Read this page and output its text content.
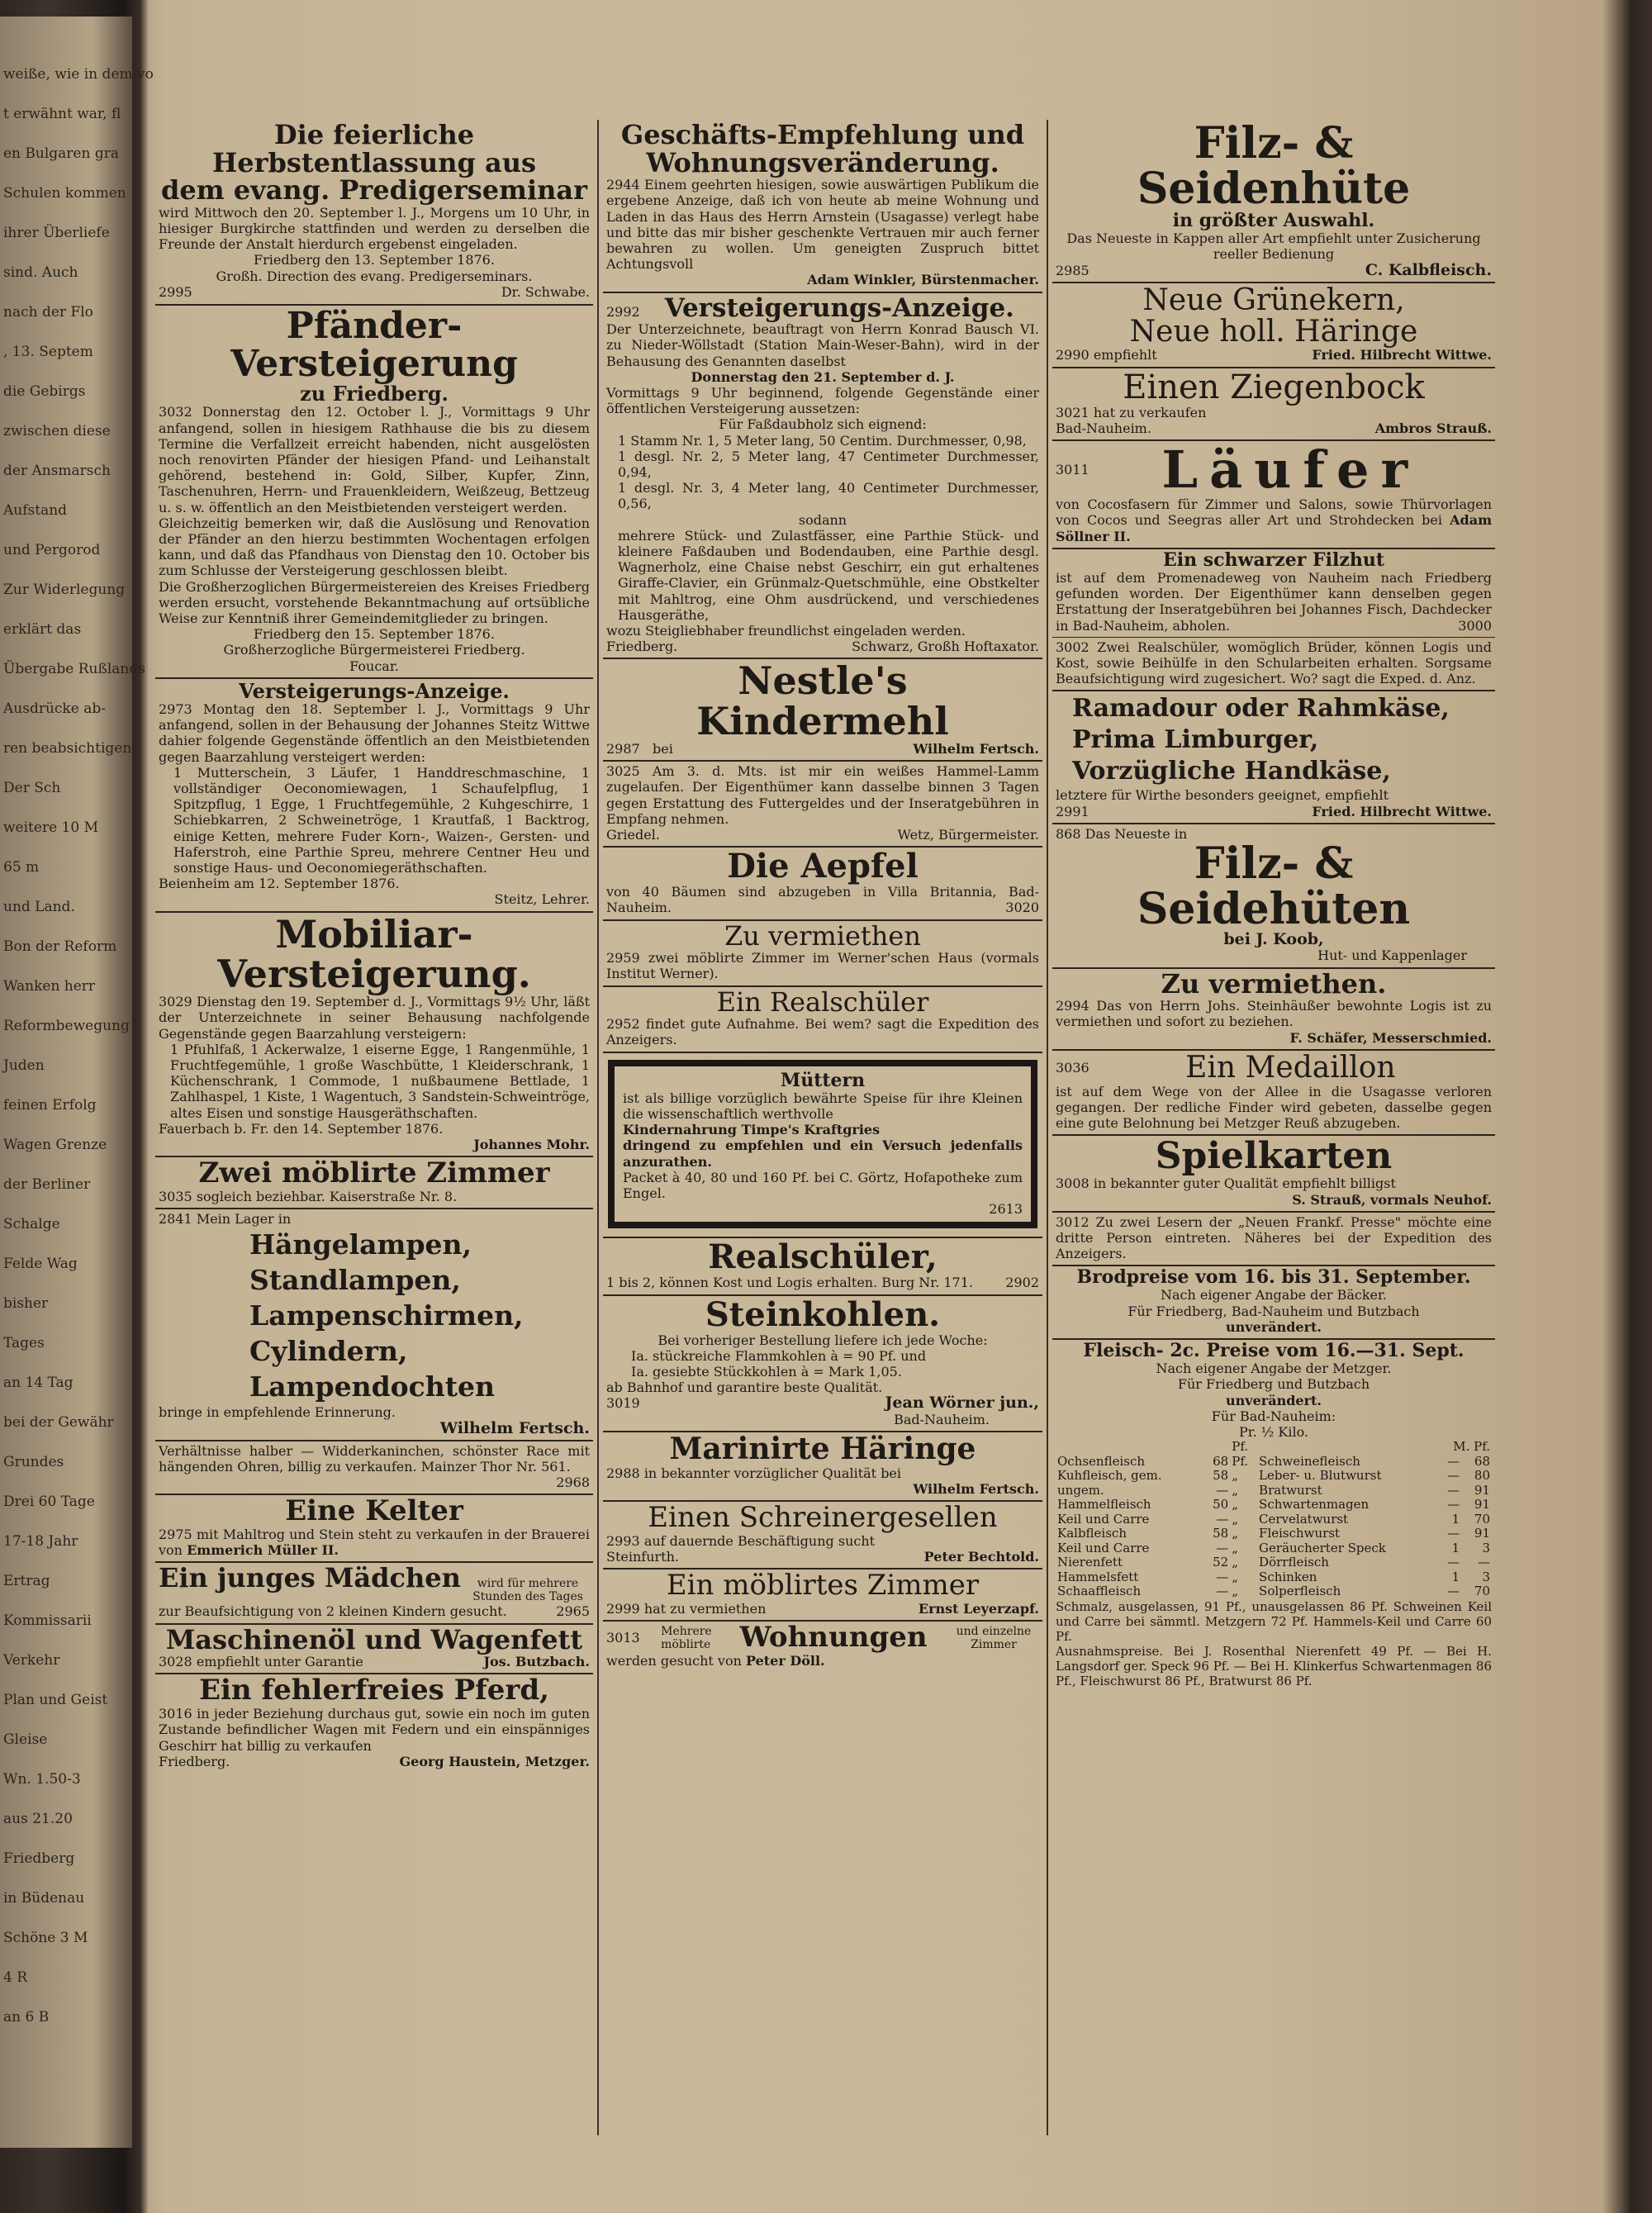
weiße, wie in dem vo
t erwähnt war, fl
en Bulgaren gra
Schulen kommen
ihrer Überliefe
sind. Auch
nach der Flo
, 13. Septem
die Gebirgs
zwischen diese
der Ansmarsch
Aufstand
und Pergorod
Zur Widerlegung
erklärt das
Übergabe Rußlands
Ausdrücke ab-
ren beabsichtigen
Der Sch
weitere 10 M
65 m
und Land.
Bon der Reform
Wanken herr
Reformbewegung
Juden
feinen Erfolg
Wagen Grenze
der Berliner
Schalge
Felde Wag
bisher
Tages
an 14 Tag
bei der Gewähr
Grundes
Drei 60 Tage
17-18 Jahr
Ertrag
Kommissarii
Verkehr
Plan und Geist
Gleise
Wn. 1.50-3
aus 21.20
Friedberg
in Büdenau
Schöne 3 M
4 R
an 6 B
Die feierliche Herbstentlassung aus
dem evang. Predigerseminar
wird Mittwoch den 20. September l. J., Morgens um 10 Uhr, in hiesiger Burgkirche stattfinden und werden zu derselben die Freunde der Anstalt hierdurch ergebenst eingeladen.
Friedberg den 13. September 1876.
Großh. Direction des evang. Predigerseminars.
2995	Dr. Schwabe.
Pfänder-Versteigerung
zu Friedberg.
3032 Donnerstag den 12. October l. J., Vormittags 9 Uhr anfangend, sollen in hiesigem Rathhause die bis zu diesem Termine die Verfallzeit erreicht habenden, nicht ausgelösten noch renovirten Pfänder der hiesigen Pfand- und Leihanstalt gehörend, bestehend in: Gold, Silber, Kupfer, Zinn, Taschenuhren, Herrn- und Frauenkleidern, Weißzeug, Bettzeug u. s. w. öffentlich an den Meistbietenden versteigert werden.
Gleichzeitig bemerken wir, daß die Auslösung und Renovation der Pfänder an den hierzu bestimmten Wochentagen erfolgen kann, und daß das Pfandhaus von Dienstag den 10. October bis zum Schlusse der Versteigerung geschlossen bleibt.
Die Großherzoglichen Bürgermeistereien des Kreises Friedberg werden ersucht, vorstehende Bekanntmachung auf ortsübliche Weise zur Kenntniß ihrer Gemeindemitglieder zu bringen.
Friedberg den 15. September 1876.
Großherzogliche Bürgermeisterei Friedberg.
Foucar.
Versteigerungs-Anzeige.
2973 Montag den 18. September l. J., Vormittags 9 Uhr anfangend, sollen in der Behausung der Johannes Steitz Wittwe dahier folgende Gegenstände öffentlich an den Meistbietenden gegen Baarzahlung versteigert werden:
1 Mutterschein, 3 Läufer, 1 Handdreschmaschine, 1 vollständiger Oeconomiewagen, 1 Schaufelpflug, 1 Spitzpflug, 1 Egge, 1 Fruchtfegemühle, 2 Kuhgeschirre, 1 Schiebkarren, 2 Schweinetröge, 1 Krautfaß, 1 Backtrog, einige Ketten, mehrere Fuder Korn-, Waizen-, Gersten- und Haferstroh, eine Parthie Spreu, mehrere Centner Heu und sonstige Haus- und Oeconomiegeräthschaften.
Beienheim am 12. September 1876.
Steitz, Lehrer.
Mobiliar-Versteigerung.
3029 Dienstag den 19. September d. J., Vormittags 9½ Uhr, läßt der Unterzeichnete in seiner Behausung nachfolgende Gegenstände gegen Baarzahlung versteigern:
1 Pfuhlfaß, 1 Ackerwalze, 1 eiserne Egge, 1 Rangenmühle, 1 Fruchtfegemühle, 1 große Waschbütte, 1 Kleiderschrank, 1 Küchenschrank, 1 Commode, 1 nußbaumene Bettlade, 1 Zahlhaspel, 1 Kiste, 1 Wagentuch, 3 Sandstein-Schweintröge, altes Eisen und sonstige Hausgeräthschaften.
Fauerbach b. Fr. den 14. September 1876.
Johannes Mohr.
Zwei möblirte Zimmer
3035 sogleich beziehbar. Kaiserstraße Nr. 8.
2841 Mein Lager in
Hängelampen,
Standlampen,
Lampenschirmen,
Cylindern,
Lampendochten
bringe in empfehlende Erinnerung.
Wilhelm Fertsch.
Verhältnisse halber — Widderkaninchen, schönster Race mit hängenden Ohren, billig zu verkaufen. Mainzer Thor Nr. 561.
2968
Eine Kelter
2975 mit Mahltrog und Stein steht zu verkaufen in der Brauerei von Emmerich Müller II.
Ein junges Mädchen	wird für mehrere Stunden des Tages
zur Beaufsichtigung von 2 kleinen Kindern gesucht.	2965
Maschinenöl und Wagenfett
3028 empfiehlt unter Garantie	Jos. Butzbach.
Ein fehlerfreies Pferd,
3016 in jeder Beziehung durchaus gut, sowie ein noch im guten Zustande befindlicher Wagen mit Federn und ein einspänniges Geschirr hat billig zu verkaufen
Friedberg.	Georg Haustein, Metzger.
Geschäfts-Empfehlung und
Wohnungsveränderung.
2944 Einem geehrten hiesigen, sowie auswärtigen Publikum die ergebene Anzeige, daß ich von heute ab meine Wohnung und Laden in das Haus des Herrn Arnstein (Usagasse) verlegt habe und bitte das mir bisher geschenkte Vertrauen mir auch ferner bewahren zu wollen. Um geneigten Zuspruch bittet Achtungsvoll
Adam Winkler, Bürstenmacher.
2992 Versteigerungs-Anzeige.
Der Unterzeichnete, beauftragt von Herrn Konrad Bausch VI. zu Nieder-Wöllstadt (Station Main-Weser-Bahn), wird in der Behausung des Genannten daselbst
Donnerstag den 21. September d. J.
Vormittags 9 Uhr beginnend, folgende Gegenstände einer öffentlichen Versteigerung aussetzen:
Für Faßdaubholz sich eignend:
1 Stamm Nr. 1, 5 Meter lang, 50 Centim. Durchmesser, 0,98,
1 desgl. Nr. 2, 5 Meter lang, 47 Centimeter Durchmesser, 0,94,
1 desgl. Nr. 3, 4 Meter lang, 40 Centimeter Durchmesser, 0,56,
sodann
mehrere Stück- und Zulastfässer, eine Parthie Stück- und kleinere Faßdauben und Bodendauben, eine Parthie desgl. Wagnerholz, eine Chaise nebst Geschirr, ein gut erhaltenes Giraffe-Clavier, ein Grünmalz-Quetschmühle, eine Obstkelter mit Mahltrog, eine Ohm ausdrückend, und verschiedenes Hausgeräthe,
wozu Steigliebhaber freundlichst eingeladen werden.
Friedberg.	Schwarz, Großh Hoftaxator.
Nestle's Kindermehl
2987 bei	Wilhelm Fertsch.
3025 Am 3. d. Mts. ist mir ein weißes Hammel-Lamm zugelaufen. Der Eigenthümer kann dasselbe binnen 3 Tagen gegen Erstattung des Futtergeldes und der Inseratgebühren in Empfang nehmen.
Griedel.	Wetz, Bürgermeister.
Die Aepfel
von 40 Bäumen sind abzugeben in Villa Britannia, Bad-Nauheim.	3020
Zu vermiethen
2959 zwei möblirte Zimmer im Werner'schen Haus (vormals Institut Werner).
Ein Realschüler
2952 findet gute Aufnahme. Bei wem? sagt die Expedition des Anzeigers.
Müttern
ist als billige vorzüglich bewährte Speise für ihre Kleinen die wissenschaftlich werthvolle
Kindernahrung Timpe's Kraftgries
dringend zu empfehlen und ein Versuch jedenfalls anzurathen.
Packet à 40, 80 und 160 Pf. bei C. Görtz, Hofapotheke zum Engel.
2613
Realschüler,
1 bis 2, können Kost und Logis erhalten. Burg Nr. 171. 2902
Steinkohlen.
Bei vorheriger Bestellung liefere ich jede Woche:
Ia. stückreiche Flammkohlen à = 90 Pf. und
Ia. gesiebte Stückkohlen à = Mark 1,05.
ab Bahnhof und garantire beste Qualität.
3019	Jean Wörner jun.,
Bad-Nauheim.
Marinirte Häringe
2988 in bekannter vorzüglicher Qualität bei
Wilhelm Fertsch.
Einen Schreinergesellen
2993 auf dauernde Beschäftigung sucht
Steinfurth.	Peter Bechtold.
Ein möblirtes Zimmer
2999 hat zu vermiethen	Ernst Leyerzapf.
3013 Mehrere möblirte Wohnungen	und einzelne Zimmer
werden gesucht von Peter Döll.
Filz- & Seidenhüte
in größter Auswahl.
Das Neueste in Kappen aller Art empfiehlt unter Zusicherung reeller Bedienung
2985	C. Kalbfleisch.
Neue Grünekern,
Neue holl. Häringe
2990 empfiehlt	Fried. Hilbrecht Wittwe.
Einen Ziegenbock
3021 hat zu verkaufen
Bad-Nauheim.	Ambros Strauß.
3011	Läufer
von Cocosfasern für Zimmer und Salons, sowie Thürvorlagen von Cocos und Seegras aller Art und Strohdecken bei Adam Söllner II.
Ein schwarzer Filzhut
ist auf dem Promenadeweg von Nauheim nach Friedberg gefunden worden. Der Eigenthümer kann denselben gegen Erstattung der Inseratgebühren bei Johannes Fisch, Dachdecker in Bad-Nauheim, abholen.	3000
3002 Zwei Realschüler, womöglich Brüder, können Logis und Kost, sowie Beihülfe in den Schularbeiten erhalten. Sorgsame Beaufsichtigung wird zugesichert. Wo? sagt die Exped. d. Anz.
Ramadour oder Rahmkäse,
Prima Limburger,
Vorzügliche Handkäse,
letztere für Wirthe besonders geeignet, empfiehlt
2991	Fried. Hilbrecht Wittwe.
868 Das Neueste in
Filz- & Seidehüten
bei J. Koob,
Hut- und Kappenlager
Zu vermiethen.
2994 Das von Herrn Johs. Steinhäußer bewohnte Logis ist zu vermiethen und sofort zu beziehen.
F. Schäfer, Messerschmied.
3036	Ein Medaillon
ist auf dem Wege von der Allee in die Usagasse verloren gegangen. Der redliche Finder wird gebeten, dasselbe gegen eine gute Belohnung bei Metzger Reuß abzugeben.
Spielkarten
3008 in bekannter guter Qualität empfiehlt billigst
S. Strauß, vormals Neuhof.
3012 Zu zwei Lesern der „Neuen Frankf. Presse" möchte eine dritte Person eintreten. Näheres bei der Expedition des Anzeigers.
Brodpreise vom 16. bis 31. September.
Nach eigener Angabe der Bäcker.
Für Friedberg, Bad-Nauheim und Butzbach
unverändert.
Fleisch- 2c. Preise vom 16.—31. Sept.
Nach eigener Angabe der Metzger.
Für Friedberg und Butzbach
unverändert.
Für Bad-Nauheim:
Pr. ½ Kilo.
		Pf.		M. Pf.	
Ochsenfleisch	68	Pf.	Schweinefleisch	—	68
Kuhfleisch, gem.	58	„	Leber- u. Blutwurst	—	80
ungem.	—	„	Bratwurst	—	91
Hammelfleisch	50	„	Schwartenmagen	—	91
Keil und Carre	—	„	Cervelatwurst	1	70
Kalbfleisch	58	„	Fleischwurst	—	91
Keil und Carre	—	„	Geräucherter Speck	1	3
Nierenfett	52	„	Dörrfleisch	—	—
Hammelsfett	—	„	Schinken	1	3
Schaaffleisch	—	„	Solperfleisch	—	70
Schmalz, ausgelassen, 91 Pf., unausgelassen 86 Pf. Schweinen Keil und Carre bei sämmtl. Metzgern 72 Pf. Hammels-Keil und Carre 60 Pf.
Ausnahmspreise. Bei J. Rosenthal Nierenfett 49 Pf. — Bei H. Langsdorf ger. Speck 96 Pf. — Bei H. Klinkerfus Schwartenmagen 86 Pf., Fleischwurst 86 Pf., Bratwurst 86 Pf.
